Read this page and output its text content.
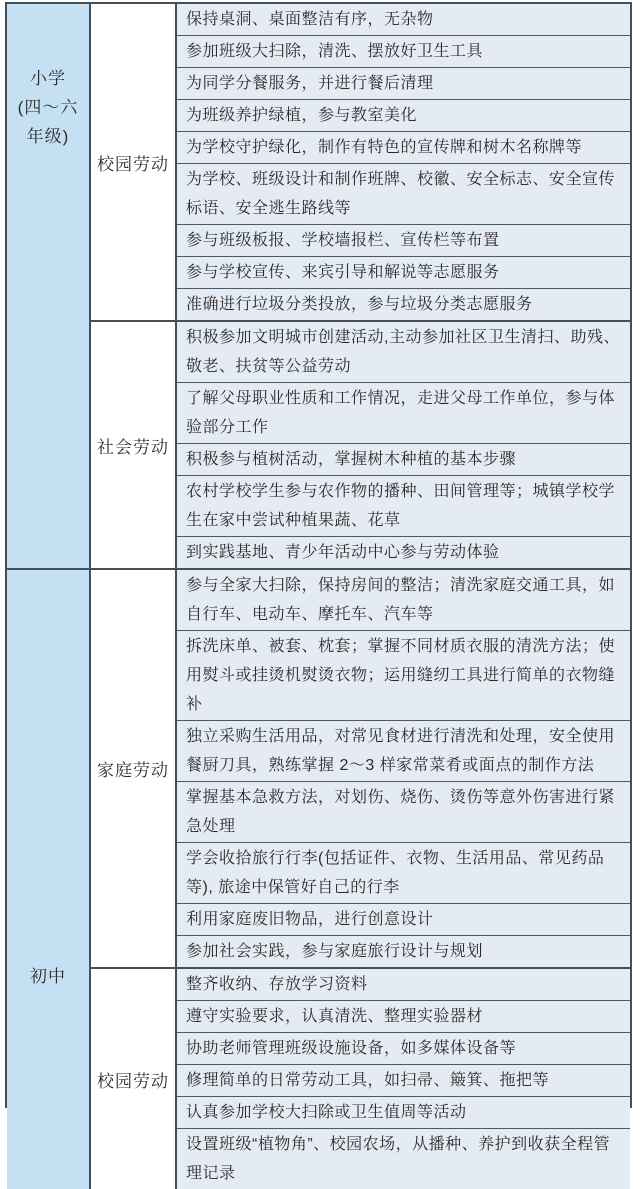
小学
(四～六
年级)
校园劳动
保持桌洞、桌面整洁有序，无杂物
参加班级大扫除，清洗、摆放好卫生工具
为同学分餐服务，并进行餐后清理
为班级养护绿植，参与教室美化
为学校守护绿化，制作有特色的宣传牌和树木名称牌等
为学校、班级设计和制作班牌、校徽、安全标志、安全宣传标语、安全逃生路线等
参与班级板报、学校墙报栏、宣传栏等布置
参与学校宣传、来宾引导和解说等志愿服务
准确进行垃圾分类投放，参与垃圾分类志愿服务
社会劳动
积极参加文明城市创建活动,主动参加社区卫生清扫、助残、敬老、扶贫等公益劳动
了解父母职业性质和工作情况，走进父母工作单位，参与体验部分工作
积极参与植树活动，掌握树木种植的基本步骤
农村学校学生参与农作物的播种、田间管理等；城镇学校学生在家中尝试种植果蔬、花草
到实践基地、青少年活动中心参与劳动体验
初中
家庭劳动
参与全家大扫除，保持房间的整洁；清洗家庭交通工具，如自行车、电动车、摩托车、汽车等
拆洗床单、被套、枕套；掌握不同材质衣服的清洗方法；使用熨斗或挂烫机熨烫衣物；运用缝纫工具进行简单的衣物缝补
独立采购生活用品，对常见食材进行清洗和处理，安全使用餐厨刀具，熟练掌握 2～3 样家常菜肴或面点的制作方法
掌握基本急救方法，对划伤、烧伤、烫伤等意外伤害进行紧急处理
学会收拾旅行行李(包括证件、衣物、生活用品、常见药品等), 旅途中保管好自己的行李
利用家庭废旧物品，进行创意设计
参加社会实践，参与家庭旅行设计与规划
校园劳动
整齐收纳、存放学习资料
遵守实验要求，认真清洗、整理实验器材
协助老师管理班级设施设备，如多媒体设备等
修理简单的日常劳动工具，如扫帚、簸箕、拖把等
认真参加学校大扫除或卫生值周等活动
设置班级“植物角”、校园农场，从播种、养护到收获全程管理记录
